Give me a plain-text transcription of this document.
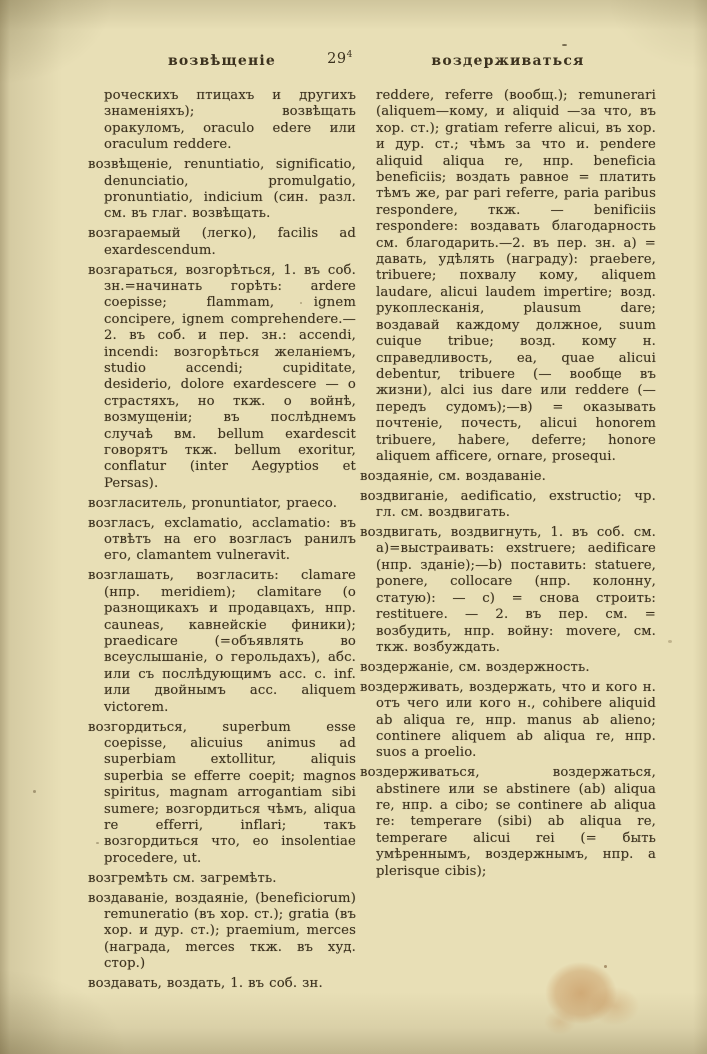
возвѣщеніе	$29^4$	воздерживаться

роческихъ птицахъ и другихъ знаменіяхъ); возвѣщать оракуломъ, oraculo edere или oraculum reddere.

возвѣщеніе, renuntiatio, significatio, denunciatio, promulgatio, pronuntiatio, indicium (син. разл. см. въ глаг. возвѣщать.

возгараемый (легко), facilis ad exardescendum.

возгараться, возгорѣться, 1. въ соб. зн.=начинать горѣть: ardere coepisse; flammam, ignem concipere, ignem comprehendere.—2. въ соб. и пер. зн.: accendi, incendi: возгорѣться желаніемъ, studio accendi; cupiditate, desiderio, dolore exardescere — о страстяхъ, но ткж. о войнѣ, возмущеніи; въ послѣднемъ случаѣ вм. bellum exardescit говорятъ ткж. bellum exoritur, conflatur (inter Aegyptios et Persas).

возгласитель, pronuntiator, praeco.

возгласъ, exclamatio, acclamatio: въ отвѣтъ на его возгласъ ранилъ его, clamantem vulneravit.

возглашать, возгласить: clamare (нпр. meridiem); clamitare (о разнощикахъ и продавцахъ, нпр. cauneas, кавнейскіе финики); praedicare (=объявлять во всеуслышаніе, о герольдахъ), абс. или съ послѣдующимъ acc. c. inf. или двойнымъ acc. aliquem victorem.

возгордиться, superbum esse coepisse, alicuius animus ad superbiam extollitur, aliquis superbia se efferre coepit; magnos spiritus, magnam arrogantiam sibi sumere; возгордиться чѣмъ, aliqua re efferri, inflari; такъ возгордиться что, eo insolentiae procedere, ut.

возгремѣть см. загремѣть.

воздаваніе, воздаяніе, (beneficiorum) remuneratio (въ хор. ст.); gratia (въ хор. и дур. ст.); praemium, merces (награда, merces ткж. въ худ. стор.)

воздавать, воздать, 1. въ соб. зн.

reddere, referre (вообщ.); remunerari (aliquem—кому, и aliquid —за что, въ хор. ст.); gratiam referre alicui, въ хор. и дур. ст.; чѣмъ за что и. pendere aliquid aliqua re, нпр. beneficia beneficiis; воздать равное = платить тѣмъ же, par pari referre, paria paribus respondere, ткж. — benificiis respondere: воздавать благодарность см. благодарить.—2. въ пер. зн. а) = давать, удѣлять (награду): praebere, tribuere; похвалу кому, aliquem laudare, alicui laudem impertire; возд. рукоплесканія, plausum dare; воздавай каждому должное, suum cuique tribue; возд. кому н. справедливость, ea, quae alicui debentur, tribuere (— вообще въ жизни), alci ius dare или reddere (—передъ судомъ);—в) = оказывать почтеніе, почесть, alicui honorem tribuere, habere, deferre; honore aliquem afficere, ornare, prosequi.

воздаяніе, см. воздаваніе.

воздвиганіе, aedificatio, exstructio; чр. гл. см. воздвигать.

воздвигать, воздвигнуть, 1. въ соб. см. а)=выстраивать: exstruere; aedificare (нпр. зданіе);—b) поставить: statuere, ponere, collocare (нпр. колонну, статую): — c) = снова строить: restituere. — 2. въ пер. см. = возбудить, нпр. войну: movere, см. ткж. возбуждать.

воздержаніе, см. воздержность.

воздерживать, воздержать, что и кого н. отъ чего или кого н., cohibere aliquid ab aliqua re, нпр. manus ab alieno; continere aliquem ab aliqua re, нпр. suos a proelio.

воздерживаться, воздержаться, abstinere или se abstinere (ab) aliqua re, нпр. a cibo; se continere ab aliqua re: temperare (sibi) ab aliqua re, temperare alicui rei (= быть умѣреннымъ, воздержнымъ, нпр. a plerisque cibis);
